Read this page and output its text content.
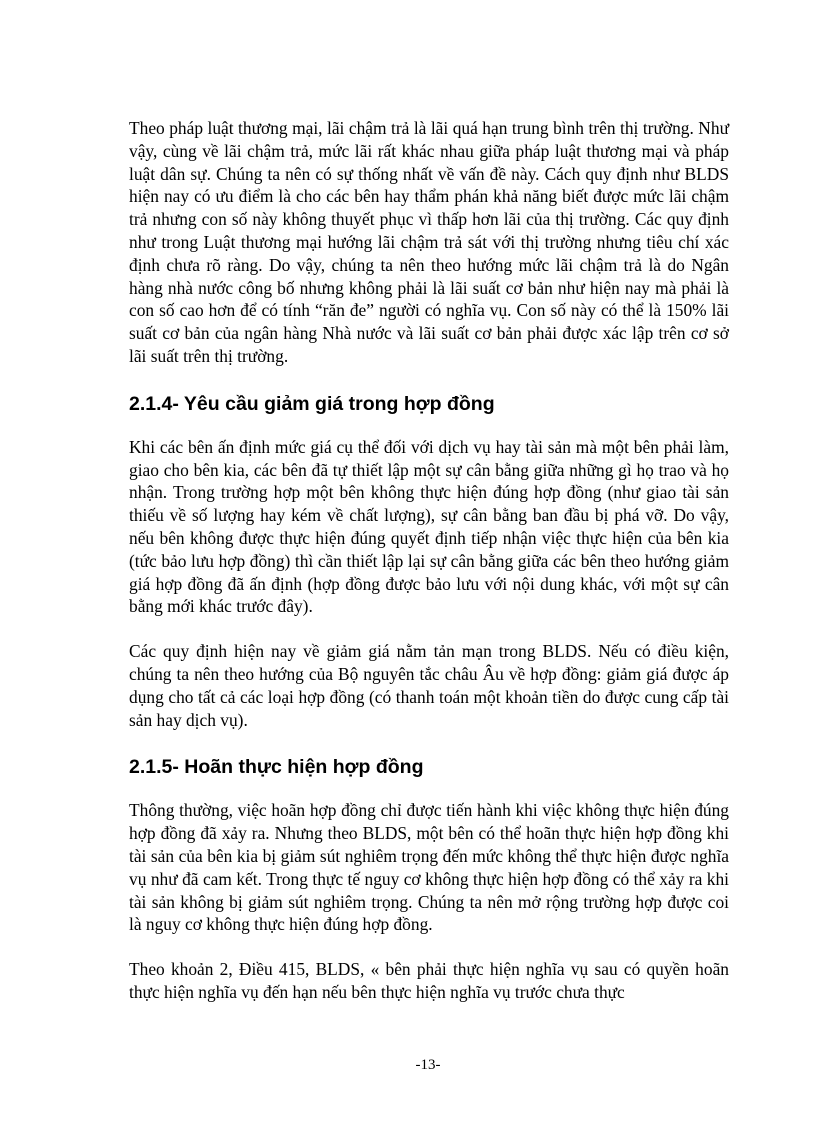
Theo pháp luật thương mại, lãi chậm trả là lãi quá hạn trung bình trên thị trường. Như vậy, cùng về lãi chậm trả, mức lãi rất khác nhau giữa pháp luật thương mại và pháp luật dân sự. Chúng ta nên có sự thống nhất về vấn đề này. Cách quy định như BLDS hiện nay có ưu điểm là cho các bên hay thẩm phán khả năng biết được mức lãi chậm trả nhưng con số này không thuyết phục vì thấp hơn lãi của thị trường. Các quy định như trong Luật thương mại hướng lãi chậm trả sát với thị trường nhưng tiêu chí xác định chưa rõ ràng. Do vậy, chúng ta nên theo hướng mức lãi chậm trả là do Ngân hàng nhà nước công bố nhưng không phải là lãi suất cơ bản như hiện nay mà phải là con số cao hơn để có tính “răn đe” người có nghĩa vụ. Con số này có thể là 150% lãi suất cơ bản của ngân hàng Nhà nước và lãi suất cơ bản phải được xác lập trên cơ sở lãi suất trên thị trường.

2.1.4- Yêu cầu giảm giá trong hợp đồng

Khi các bên ấn định mức giá cụ thể đối với dịch vụ hay tài sản mà một bên phải làm, giao cho bên kia, các bên đã tự thiết lập một sự cân bằng giữa những gì họ trao và họ nhận. Trong trường hợp một bên không thực hiện đúng hợp đồng (như giao tài sản thiếu về số lượng hay kém về chất lượng), sự cân bằng ban đầu bị phá vỡ. Do vậy, nếu bên không được thực hiện đúng quyết định tiếp nhận việc thực hiện của bên kia (tức bảo lưu hợp đồng) thì cần thiết lập lại sự cân bằng giữa các bên theo hướng giảm giá hợp đồng đã ấn định (hợp đồng được bảo lưu với nội dung khác, với một sự cân bằng mới khác trước đây).

Các quy định hiện nay về giảm giá nằm tản mạn trong BLDS. Nếu có điều kiện, chúng ta nên theo hướng của Bộ nguyên tắc châu Âu về hợp đồng: giảm giá được áp dụng cho tất cả các loại hợp đồng (có thanh toán một khoản tiền do được cung cấp tài sản hay dịch vụ).

2.1.5- Hoãn thực hiện hợp đồng

Thông thường, việc hoãn hợp đồng chỉ được tiến hành khi việc không thực hiện đúng hợp đồng đã xảy ra. Nhưng theo BLDS, một bên có thể hoãn thực hiện hợp đồng khi tài sản của bên kia bị giảm sút nghiêm trọng đến mức không thể thực hiện được nghĩa vụ như đã cam kết. Trong thực tế nguy cơ không thực hiện hợp đồng có thể xảy ra khi tài sản không bị giảm sút nghiêm trọng. Chúng ta nên mở rộng trường hợp được coi là nguy cơ không thực hiện đúng hợp đồng.

Theo khoản 2, Điều 415, BLDS, « bên phải thực hiện nghĩa vụ sau có quyền hoãn thực hiện nghĩa vụ đến hạn nếu bên thực hiện nghĩa vụ trước chưa thực

-13-
